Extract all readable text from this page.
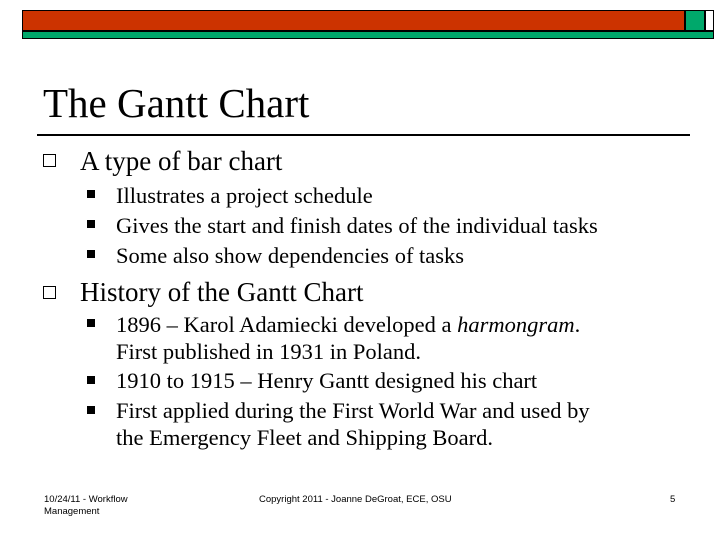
The Gantt Chart
A type of bar chart
Illustrates a project schedule
Gives the start and finish dates of the individual tasks
Some also show dependencies of tasks
History of the Gantt Chart
1896 – Karol Adamiecki developed a harmongram.
First published in 1931 in Poland.
1910 to 1915 – Henry Gantt designed his chart
First applied during the First World War and used by
the Emergency Fleet and Shipping Board.
10/24/11 - Workflow
Management
Copyright 2011 - Joanne DeGroat, ECE, OSU	5
